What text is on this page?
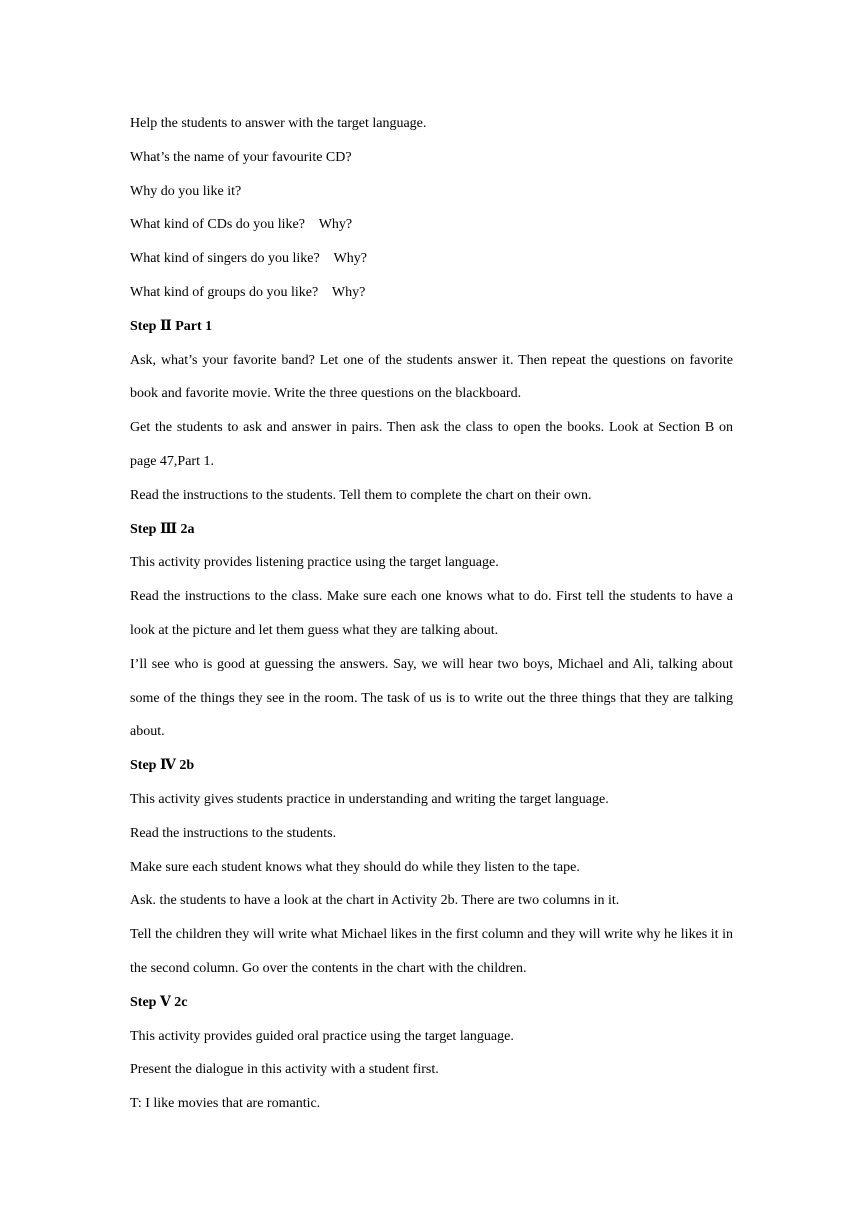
Help the students to answer with the target language.

What’s the name of your favourite CD?

Why do you like it?

What kind of CDs do you like?    Why?

What kind of singers do you like?    Why?

What kind of groups do you like?    Why?

Step Ⅱ Part 1

Ask, what’s your favorite band? Let one of the students answer it. Then repeat the questions on favorite book and favorite movie. Write the three questions on the blackboard.

Get the students to ask and answer in pairs. Then ask the class to open the books. Look at Section B on page 47,Part 1.

Read the instructions to the students. Tell them to complete the chart on their own.

Step Ⅲ 2a

This activity provides listening practice using the target language.

Read the instructions to the class. Make sure each one knows what to do. First tell the students to have a look at the picture and let them guess what they are talking about.

I’ll see who is good at guessing the answers. Say, we will hear two boys, Michael and Ali, talking about some of the things they see in the room. The task of us is to write out the three things that they are talking about.

Step Ⅳ 2b

This activity gives students practice in understanding and writing the target language.

Read the instructions to the students.

Make sure each student knows what they should do while they listen to the tape.

Ask. the students to have a look at the chart in Activity 2b. There are two columns in it.

Tell the children they will write what Michael likes in the first column and they will write why he likes it in the second column. Go over the contents in the chart with the children.

Step Ⅴ 2c

This activity provides guided oral practice using the target language.

Present the dialogue in this activity with a student first.

T: I like movies that are romantic.
